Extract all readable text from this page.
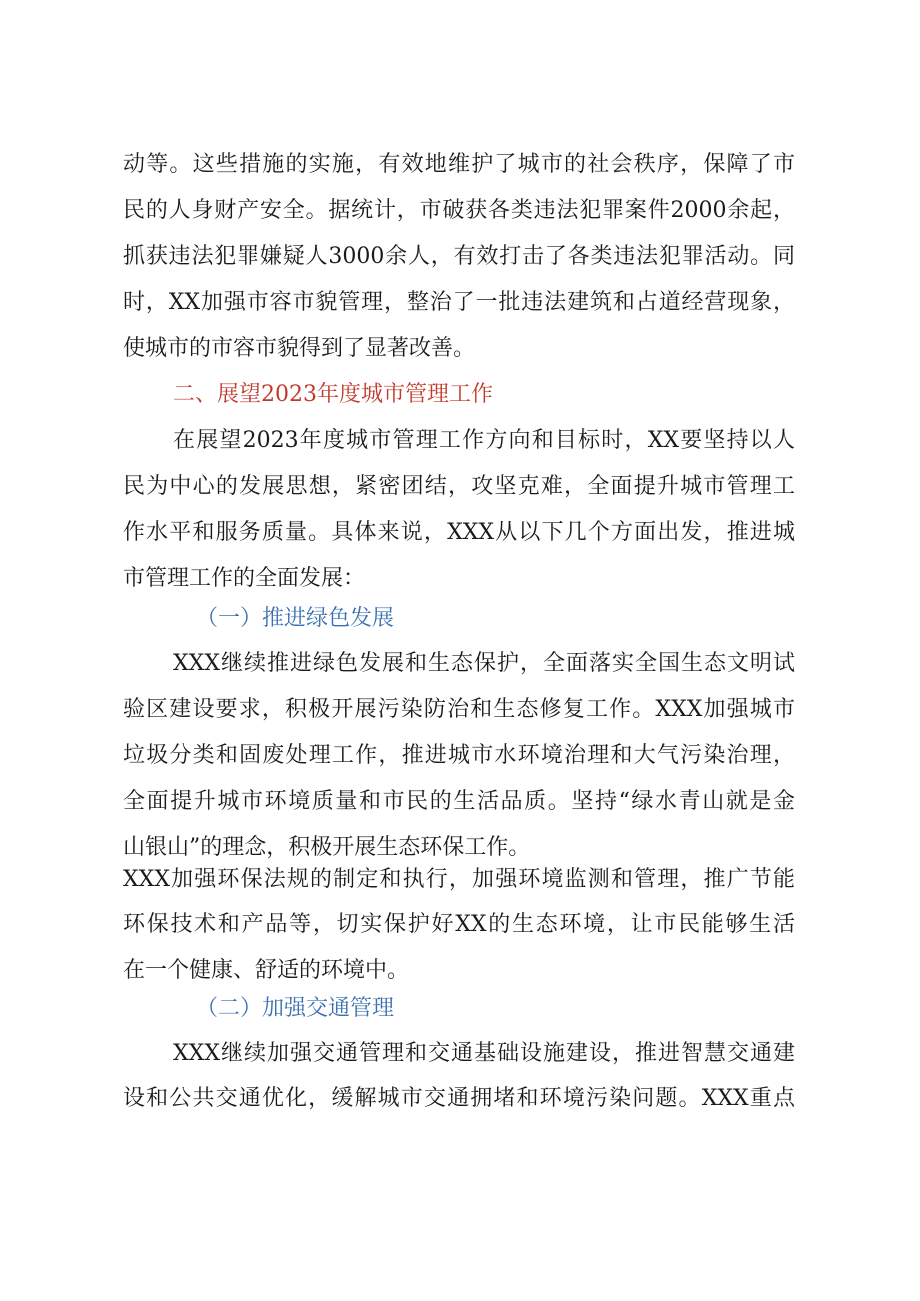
动等。这些措施的实施，有效地维护了城市的社会秩序，保障了市
民的人身财产安全。据统计，市破获各类违法犯罪案件2000余起，
抓获违法犯罪嫌疑人3000余人，有效打击了各类违法犯罪活动。同
时，XX加强市容市貌管理，整治了一批违法建筑和占道经营现象，
使城市的市容市貌得到了显著改善。
二、展望2023年度城市管理工作
在展望2023年度城市管理工作方向和目标时，XX要坚持以人
民为中心的发展思想，紧密团结，攻坚克难，全面提升城市管理工
作水平和服务质量。具体来说，XXX从以下几个方面出发，推进城
市管理工作的全面发展：
（一）推进绿色发展
XXX继续推进绿色发展和生态保护，全面落实全国生态文明试
验区建设要求，积极开展污染防治和生态修复工作。XXX加强城市
垃圾分类和固废处理工作，推进城市水环境治理和大气污染治理，
全面提升城市环境质量和市民的生活品质。坚持“绿水青山就是金
山银山”的理念，积极开展生态环保工作。
XXX加强环保法规的制定和执行，加强环境监测和管理，推广节能
环保技术和产品等，切实保护好XX的生态环境，让市民能够生活
在一个健康、舒适的环境中。
（二）加强交通管理
XXX继续加强交通管理和交通基础设施建设，推进智慧交通建
设和公共交通优化，缓解城市交通拥堵和环境污染问题。XXX重点
